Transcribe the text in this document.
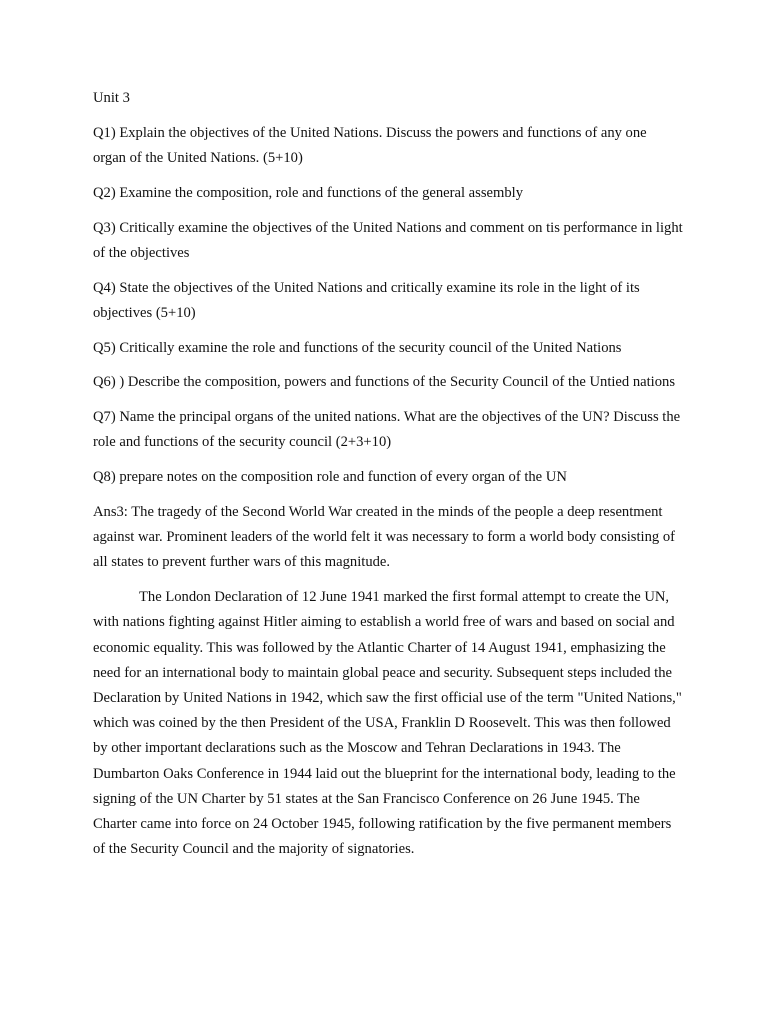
Unit 3

Q1) Explain the objectives of the United Nations. Discuss the powers and functions of any one organ of the United Nations. (5+10)

Q2) Examine the composition, role and functions of the general assembly

Q3) Critically examine the objectives of the United Nations and comment on tis performance in light of the objectives

Q4) State the objectives of the United Nations and critically examine its role in the light of its objectives (5+10)

Q5) Critically examine the role and functions of the security council of the United Nations

Q6) ) Describe the composition, powers and functions of the Security Council of the Untied nations

Q7) Name the principal organs of the united nations. What are the objectives of the UN? Discuss the role and functions of the security council (2+3+10)

Q8) prepare notes on the composition role and function of every organ of the UN

Ans3: The tragedy of the Second World War created in the minds of the people a deep resentment against war. Prominent leaders of the world felt it was necessary to form a world body consisting of all states to prevent further wars of this magnitude.

The London Declaration of 12 June 1941 marked the first formal attempt to create the UN, with nations fighting against Hitler aiming to establish a world free of wars and based on social and economic equality. This was followed by the Atlantic Charter of 14 August 1941, emphasizing the need for an international body to maintain global peace and security. Subsequent steps included the Declaration by United Nations in 1942, which saw the first official use of the term "United Nations," which was coined by the then President of the USA, Franklin D Roosevelt. This was then followed by other important declarations such as the Moscow and Tehran Declarations in 1943. The Dumbarton Oaks Conference in 1944 laid out the blueprint for the international body, leading to the signing of the UN Charter by 51 states at the San Francisco Conference on 26 June 1945. The Charter came into force on 24 October 1945, following ratification by the five permanent members of the Security Council and the majority of signatories.
